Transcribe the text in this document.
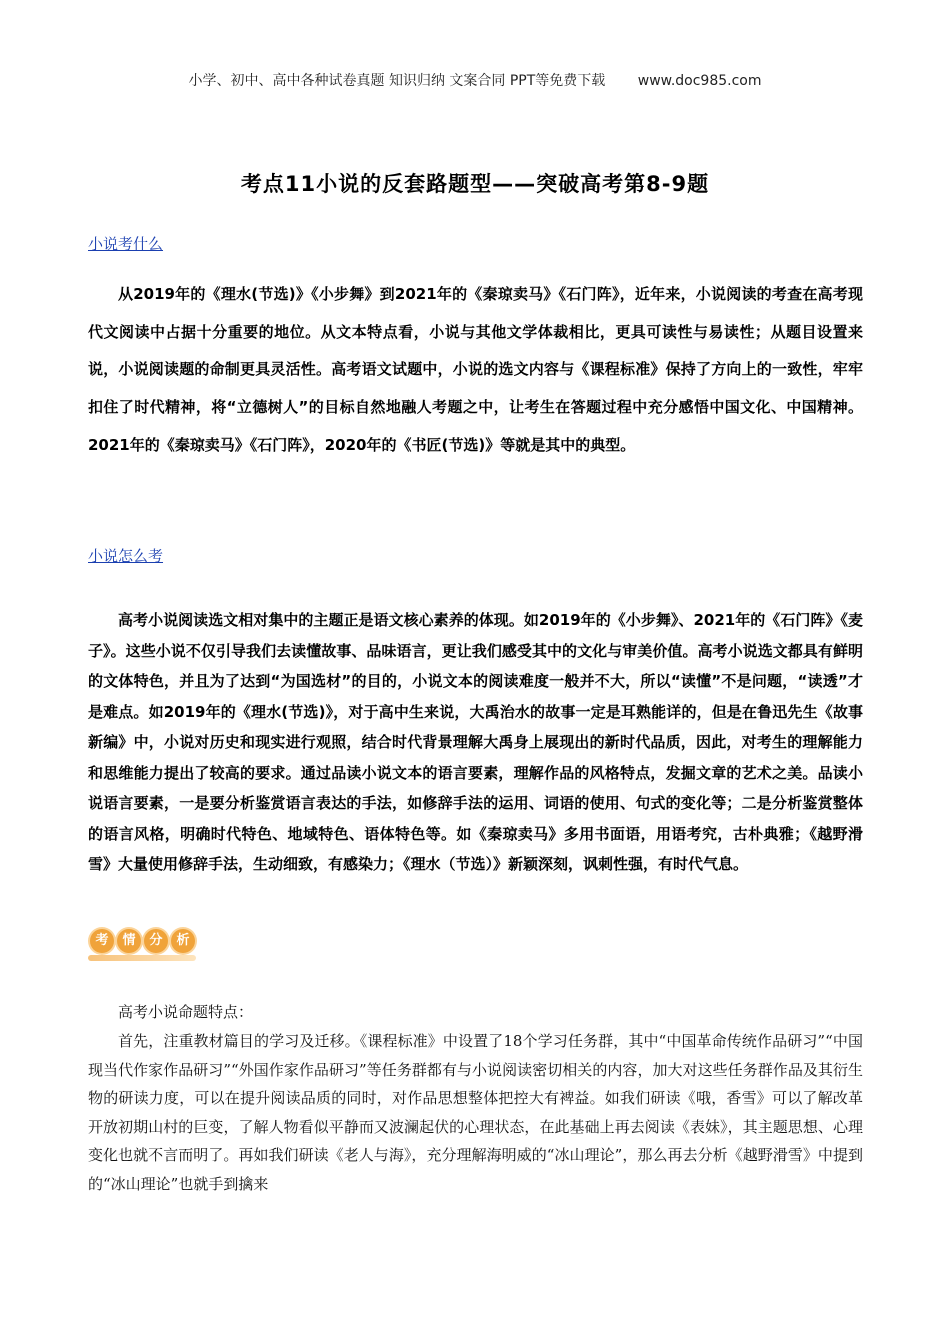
小学、初中、高中各种试卷真题 知识归纳 文案合同 PPT等免费下载 www.doc985.com
考点11小说的反套路题型——突破高考第8-9题
小说考什么
从2019年的《理水(节选)》《小步舞》到2021年的《秦琼卖马》《石门阵》，近年来，小说阅读的考查在高考现代文阅读中占据十分重要的地位。从文本特点看，小说与其他文学体裁相比，更具可读性与易读性；从题目设置来说，小说阅读题的命制更具灵活性。高考语文试题中，小说的选文内容与《课程标准》保持了方向上的一致性，牢牢扣住了时代精神，将“立德树人”的目标自然地融人考题之中，让考生在答题过程中充分感悟中国文化、中国精神。2021年的《秦琼卖马》《石门阵》，2020年的《书匠(节选)》等就是其中的典型。
小说怎么考
高考小说阅读选文相对集中的主题正是语文核心素养的体现。如2019年的《小步舞》、2021年的《石门阵》《麦子》。这些小说不仅引导我们去读懂故事、品味语言，更让我们感受其中的文化与审美价值。高考小说选文都具有鲜明的文体特色，并且为了达到“为国选材”的目的，小说文本的阅读难度一般并不大，所以“读懂”不是问题，“读透”才是难点。如2019年的《理水(节选)》，对于高中生来说，大禹治水的故事一定是耳熟能详的，但是在鲁迅先生《故事新编》中，小说对历史和现实进行观照，结合时代背景理解大禹身上展现出的新时代品质，因此，对考生的理解能力和思维能力提出了较高的要求。通过品读小说文本的语言要素，理解作品的风格特点，发掘文章的艺术之美。品读小说语言要素，一是要分析鉴赏语言表达的手法，如修辞手法的运用、词语的使用、句式的变化等；二是分析鉴赏整体的语言风格，明确时代特色、地域特色、语体特色等。如《秦琼卖马》多用书面语，用语考究，古朴典雅；《越野滑雪》大量使用修辞手法，生动细致，有感染力；《理水（节选）》新颖深刻，讽刺性强，有时代气息。
考	情	分	析
高考小说命题特点：
首先，注重教材篇目的学习及迁移。《课程标准》中设置了18个学习任务群，其中“中国革命传统作品研习”“中国现当代作家作品研习”“外国作家作品研习”等任务群都有与小说阅读密切相关的内容，加大对这些任务群作品及其衍生物的研读力度，可以在提升阅读品质的同时，对作品思想整体把控大有裨益。如我们研读《哦，香雪》可以了解改革开放初期山村的巨变，了解人物看似平静而又波澜起伏的心理状态，在此基础上再去阅读《表妹》，其主题思想、心理变化也就不言而明了。再如我们研读《老人与海》，充分理解海明威的“冰山理论”，那么再去分析《越野滑雪》中提到的“冰山理论”也就手到擒来
